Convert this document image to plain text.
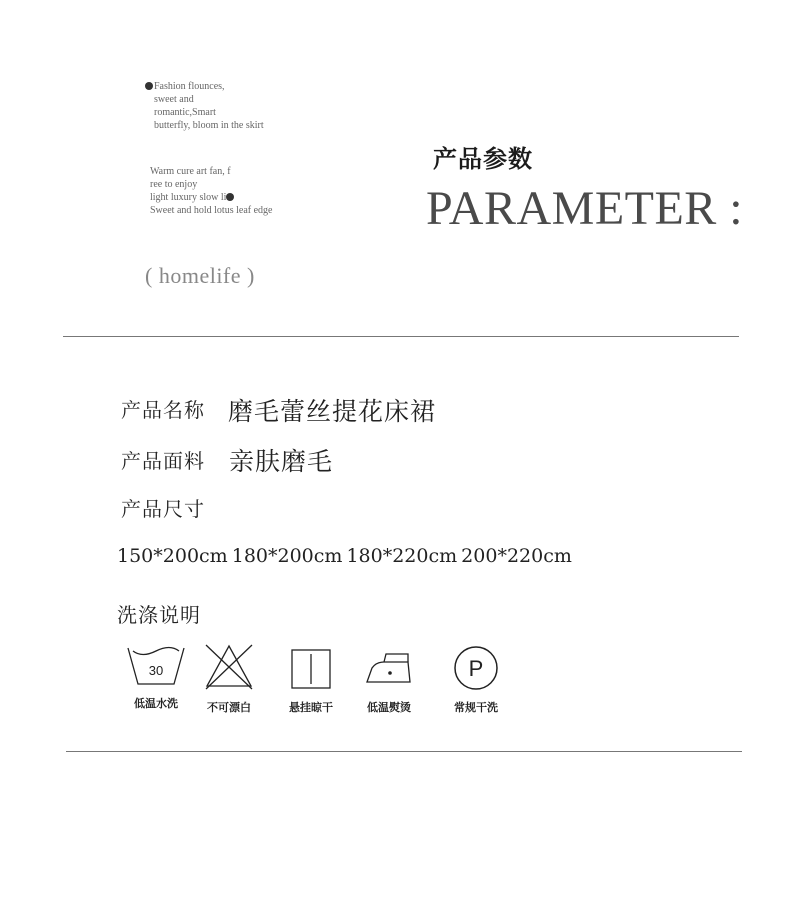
Fashion flounces,

sweet and

romantic,Smart

butterfly, bloom in the skirt

Warm cure art fan, f

ree to enjoy

light luxury slow li

Sweet and hold lotus leaf edge

( homelife )
产品参数
PARAMETER :
产品名称 磨毛蕾丝提花床裙
产品面料 亲肤磨毛
产品尺寸
150*200cm 180*200cm 180*220cm 200*220cm
洗涤说明
30
低温水洗	不可漂白	悬挂晾干	低温熨烫
P
常规干洗
